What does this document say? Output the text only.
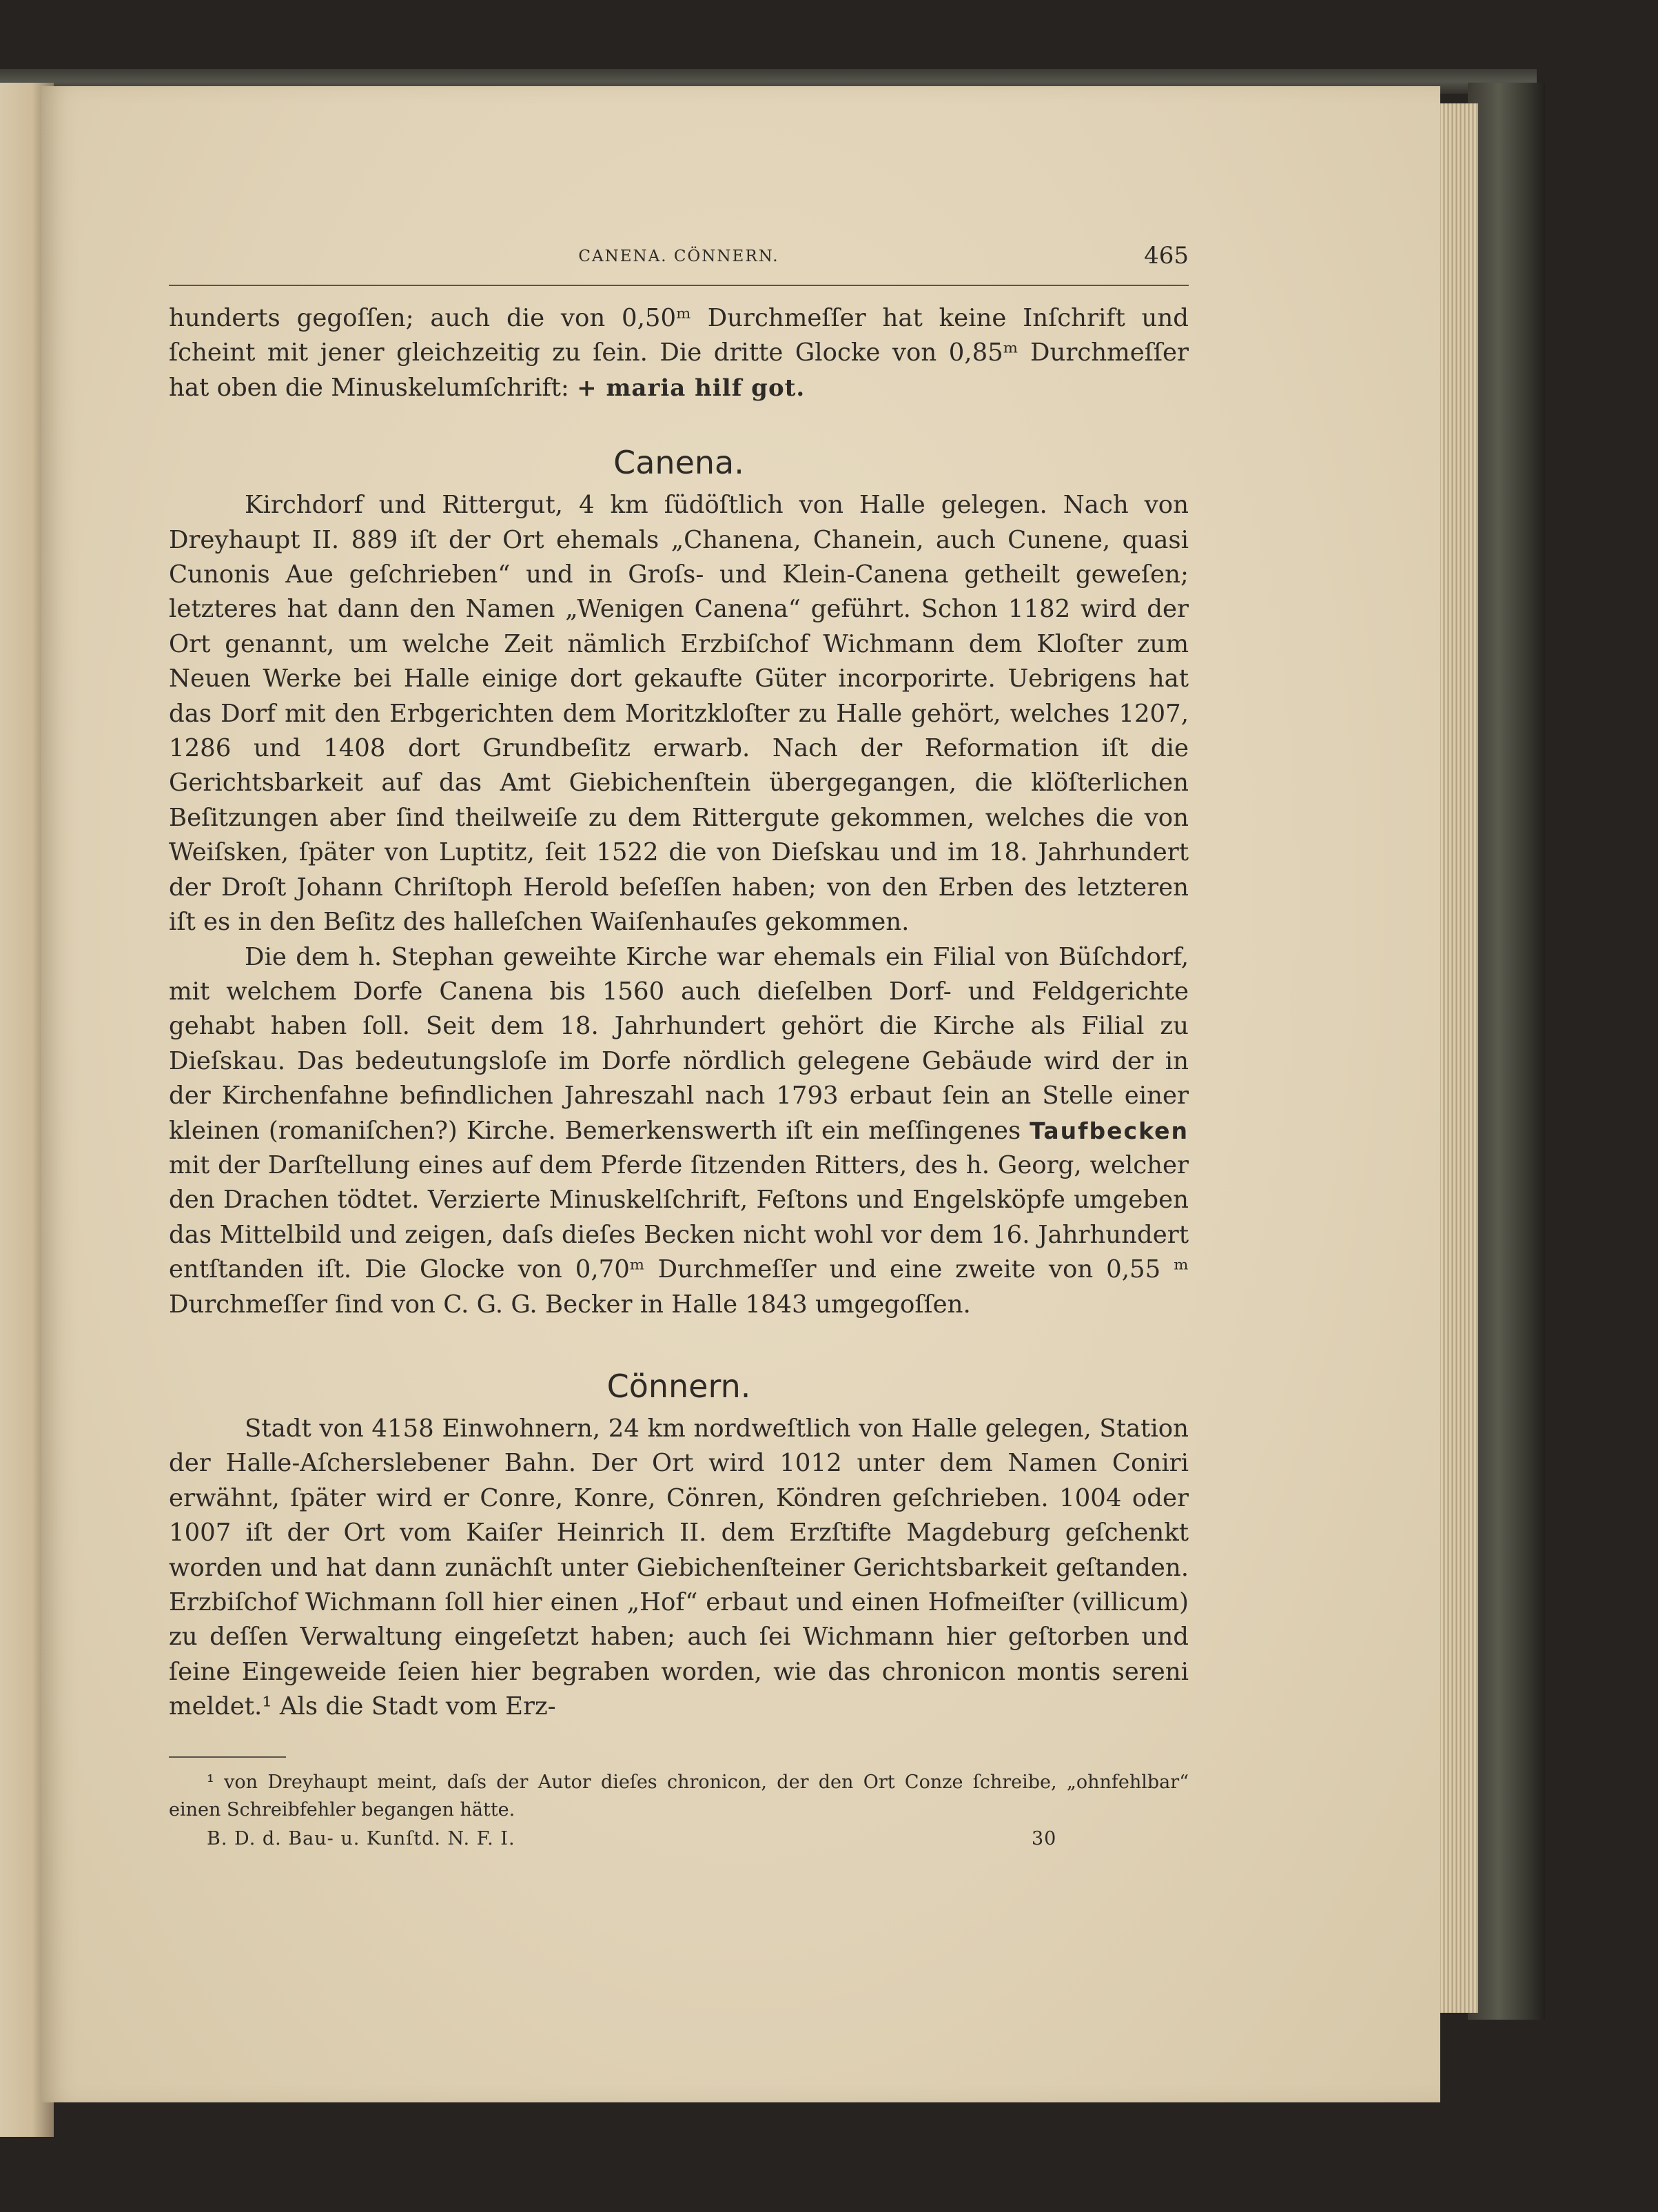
CANENA. CÖNNERN.	465

hunderts gegoſſen; auch die von 0,50ᵐ Durchmeſſer hat keine Inſchrift und ſcheint mit jener gleichzeitig zu ſein. Die dritte Glocke von 0,85ᵐ Durchmeſſer hat oben die Minuskelumſchrift: + maria hilf got.

Canena.

Kirchdorf und Rittergut, 4 km ſüdöſtlich von Halle gelegen. Nach von Dreyhaupt II. 889 iſt der Ort ehemals „Chanena, Chanein, auch Cunene, quasi Cunonis Aue geſchrieben“ und in Groſs- und Klein-Canena getheilt geweſen; letzteres hat dann den Namen „Wenigen Canena“ geführt. Schon 1182 wird der Ort genannt, um welche Zeit nämlich Erzbiſchof Wichmann dem Kloſter zum Neuen Werke bei Halle einige dort gekaufte Güter incorporirte. Uebrigens hat das Dorf mit den Erbgerichten dem Moritzkloſter zu Halle gehört, welches 1207, 1286 und 1408 dort Grundbeſitz erwarb. Nach der Reformation iſt die Gerichtsbarkeit auf das Amt Giebichenſtein übergegangen, die klöſterlichen Beſitzungen aber ſind theilweiſe zu dem Rittergute gekommen, welches die von Weiſsken, ſpäter von Luptitz, ſeit 1522 die von Dieſskau und im 18. Jahrhundert der Droſt Johann Chriſtoph Herold beſeſſen haben; von den Erben des letzteren iſt es in den Beſitz des halleſchen Waiſenhauſes gekommen.

Die dem h. Stephan geweihte Kirche war ehemals ein Filial von Büſchdorf, mit welchem Dorfe Canena bis 1560 auch dieſelben Dorf- und Feldgerichte gehabt haben ſoll. Seit dem 18. Jahrhundert gehört die Kirche als Filial zu Dieſskau. Das bedeutungsloſe im Dorfe nördlich gelegene Gebäude wird der in der Kirchenfahne befindlichen Jahreszahl nach 1793 erbaut ſein an Stelle einer kleinen (romaniſchen?) Kirche. Bemerkenswerth iſt ein meſſingenes Taufbecken mit der Darſtellung eines auf dem Pferde ſitzenden Ritters, des h. Georg, welcher den Drachen tödtet. Verzierte Minuskelſchrift, Feſtons und Engelsköpfe umgeben das Mittelbild und zeigen, daſs dieſes Becken nicht wohl vor dem 16. Jahrhundert entſtanden iſt. Die Glocke von 0,70ᵐ Durchmeſſer und eine zweite von 0,55 ᵐ Durchmeſſer ſind von C. G. G. Becker in Halle 1843 umgegoſſen.

Cönnern.

Stadt von 4158 Einwohnern, 24 km nordweſtlich von Halle gelegen, Station der Halle-Aſcherslebener Bahn. Der Ort wird 1012 unter dem Namen Coniri erwähnt, ſpäter wird er Conre, Konre, Cönren, Köndren geſchrieben. 1004 oder 1007 iſt der Ort vom Kaiſer Heinrich II. dem Erzſtifte Magdeburg geſchenkt worden und hat dann zunächſt unter Giebichenſteiner Gerichtsbarkeit geſtanden. Erzbiſchof Wichmann ſoll hier einen „Hof“ erbaut und einen Hofmeiſter (villicum) zu deſſen Verwaltung eingeſetzt haben; auch ſei Wichmann hier geſtorben und ſeine Eingeweide ſeien hier begraben worden, wie das chronicon montis sereni meldet.¹ Als die Stadt vom Erz-

¹ von Dreyhaupt meint, daſs der Autor dieſes chronicon, der den Ort Conze ſchreibe, „ohnfehlbar“ einen Schreibfehler begangen hätte.

B. D. d. Bau- u. Kunſtd. N. F. I.	30
